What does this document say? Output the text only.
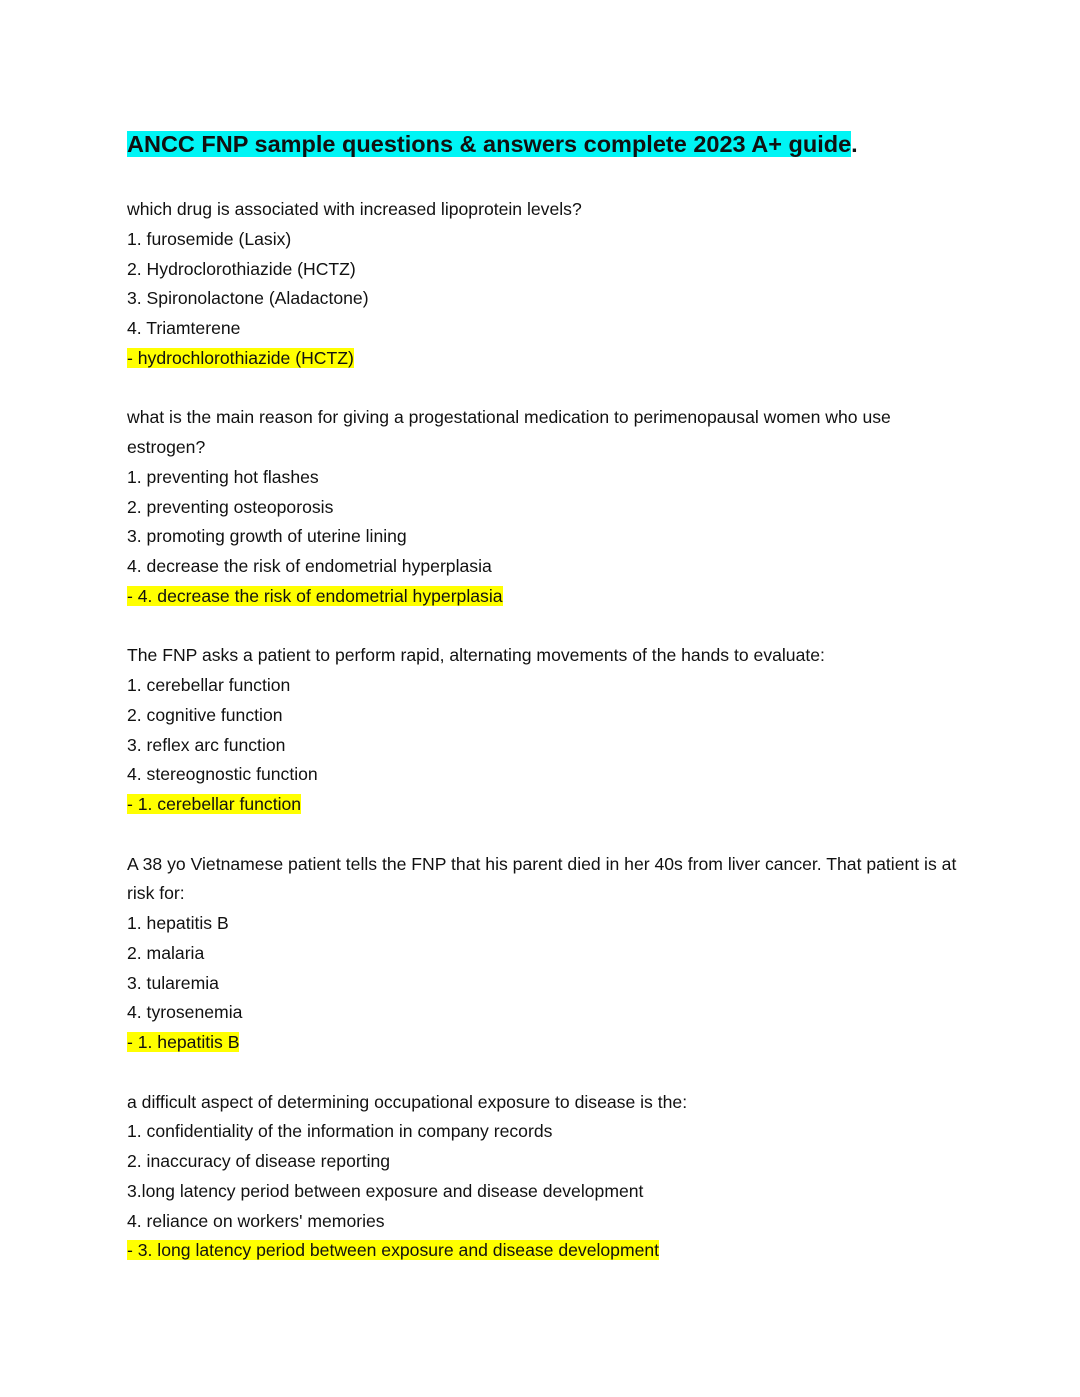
ANCC FNP sample questions & answers complete 2023 A+ guide.
which drug is associated with increased lipoprotein levels?
1. furosemide (Lasix)
2. Hydroclorothiazide (HCTZ)
3. Spironolactone (Aladactone)
4. Triamterene
- hydrochlorothiazide (HCTZ)
what is the main reason for giving a progestational medication to perimenopausal women who use estrogen?
1. preventing hot flashes
2. preventing osteoporosis
3. promoting growth of uterine lining
4. decrease the risk of endometrial hyperplasia
- 4. decrease the risk of endometrial hyperplasia
The FNP asks a patient to perform rapid, alternating movements of the hands to evaluate:
1. cerebellar function
2. cognitive function
3. reflex arc function
4. stereognostic function
- 1. cerebellar function
A 38 yo Vietnamese patient tells the FNP that his parent died in her 40s from liver cancer. That patient is at risk for:
1. hepatitis B
2. malaria
3. tularemia
4. tyrosenemia
- 1. hepatitis B
a difficult aspect of determining occupational exposure to disease is the:
1. confidentiality of the information in company records
2. inaccuracy of disease reporting
3.long latency period between exposure and disease development
4. reliance on workers' memories
- 3. long latency period between exposure and disease development
